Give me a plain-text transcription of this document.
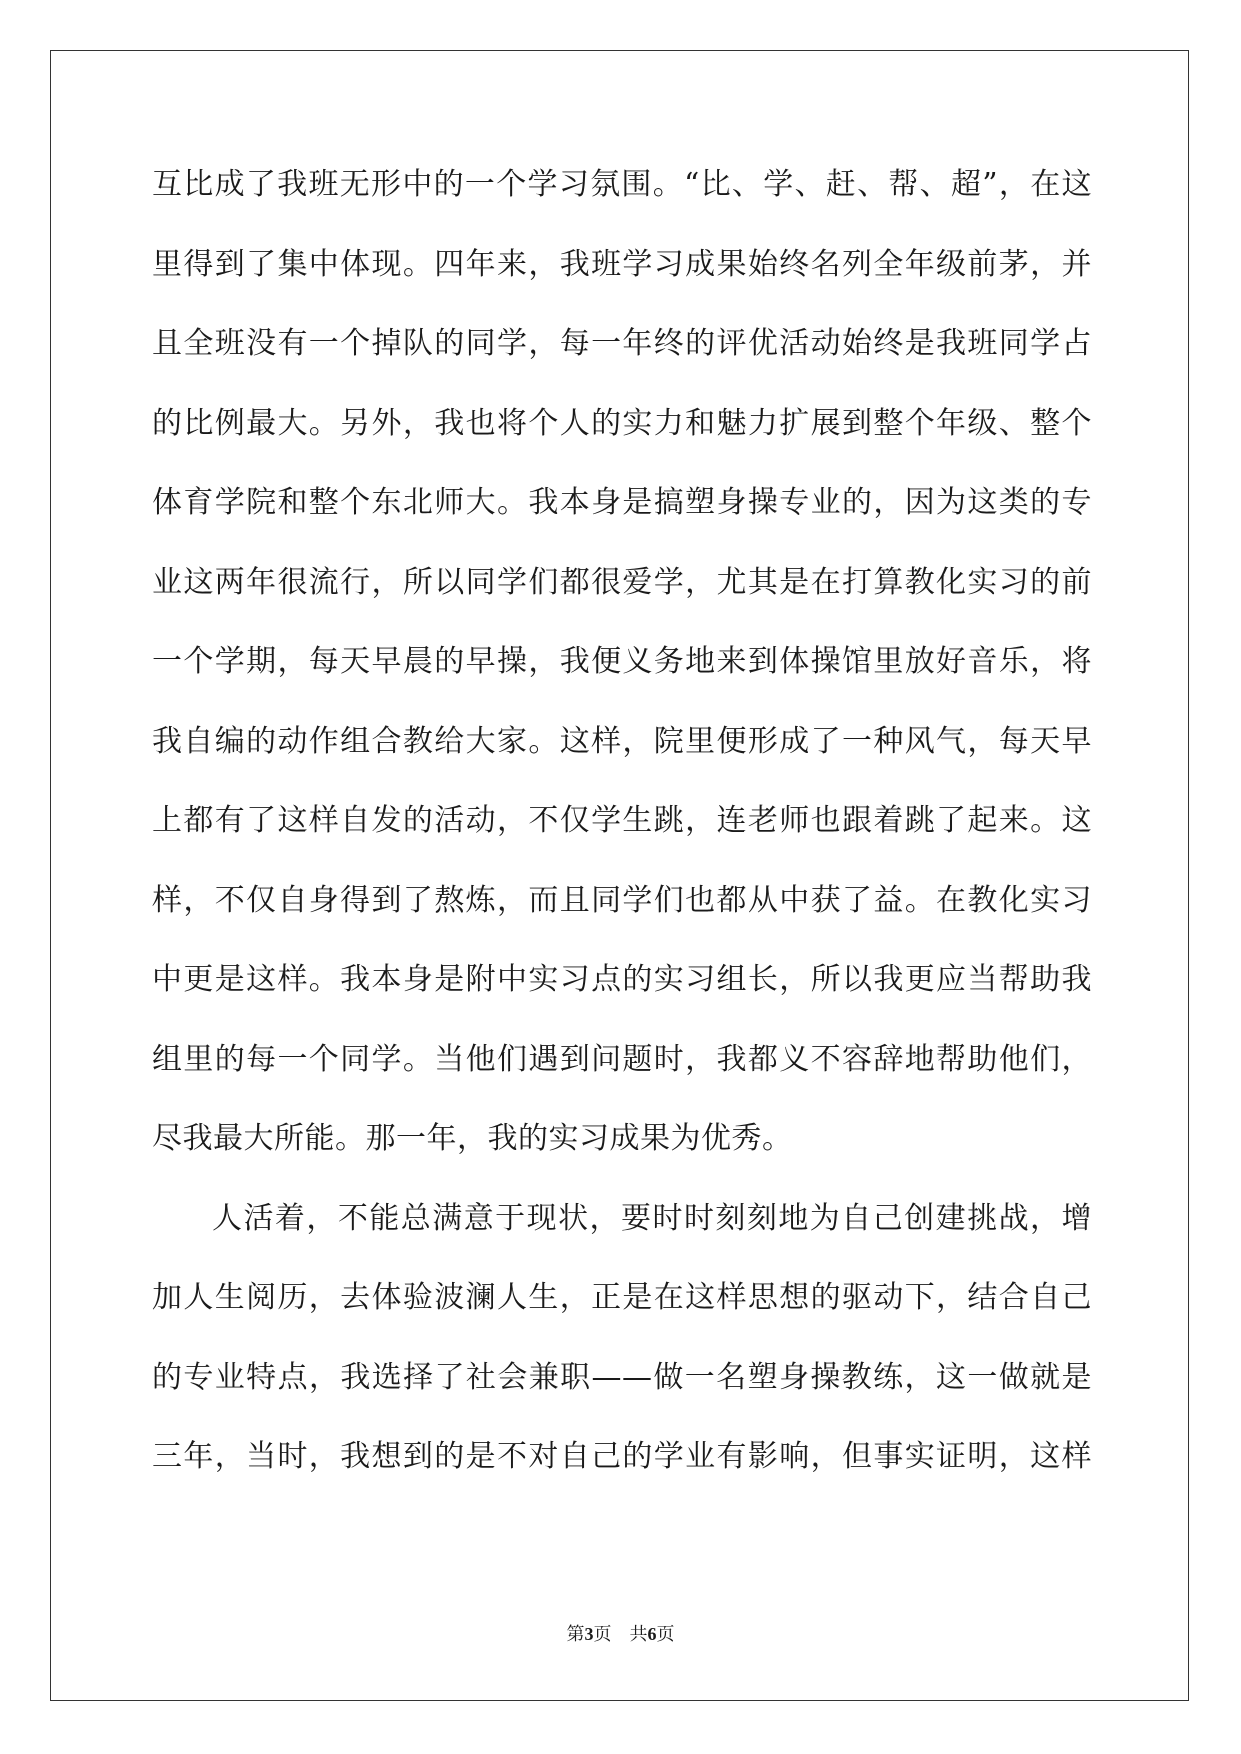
互比成了我班无形中的一个学习氛围。“比、学、赶、帮、超”，在这
里得到了集中体现。四年来，我班学习成果始终名列全年级前茅，并
且全班没有一个掉队的同学，每一年终的评优活动始终是我班同学占
的比例最大。另外，我也将个人的实力和魅力扩展到整个年级、整个
体育学院和整个东北师大。我本身是搞塑身操专业的，因为这类的专
业这两年很流行，所以同学们都很爱学，尤其是在打算教化实习的前
一个学期，每天早晨的早操，我便义务地来到体操馆里放好音乐，将
我自编的动作组合教给大家。这样，院里便形成了一种风气，每天早
上都有了这样自发的活动，不仅学生跳，连老师也跟着跳了起来。这
样，不仅自身得到了熬炼，而且同学们也都从中获了益。在教化实习
中更是这样。我本身是附中实习点的实习组长，所以我更应当帮助我
组里的每一个同学。当他们遇到问题时，我都义不容辞地帮助他们，
尽我最大所能。那一年，我的实习成果为优秀。
人活着，不能总满意于现状，要时时刻刻地为自己创建挑战，增
加人生阅历，去体验波澜人生，正是在这样思想的驱动下，结合自己
的专业特点，我选择了社会兼职——做一名塑身操教练，这一做就是
三年，当时，我想到的是不对自己的学业有影响，但事实证明，这样
第3页　共6页
